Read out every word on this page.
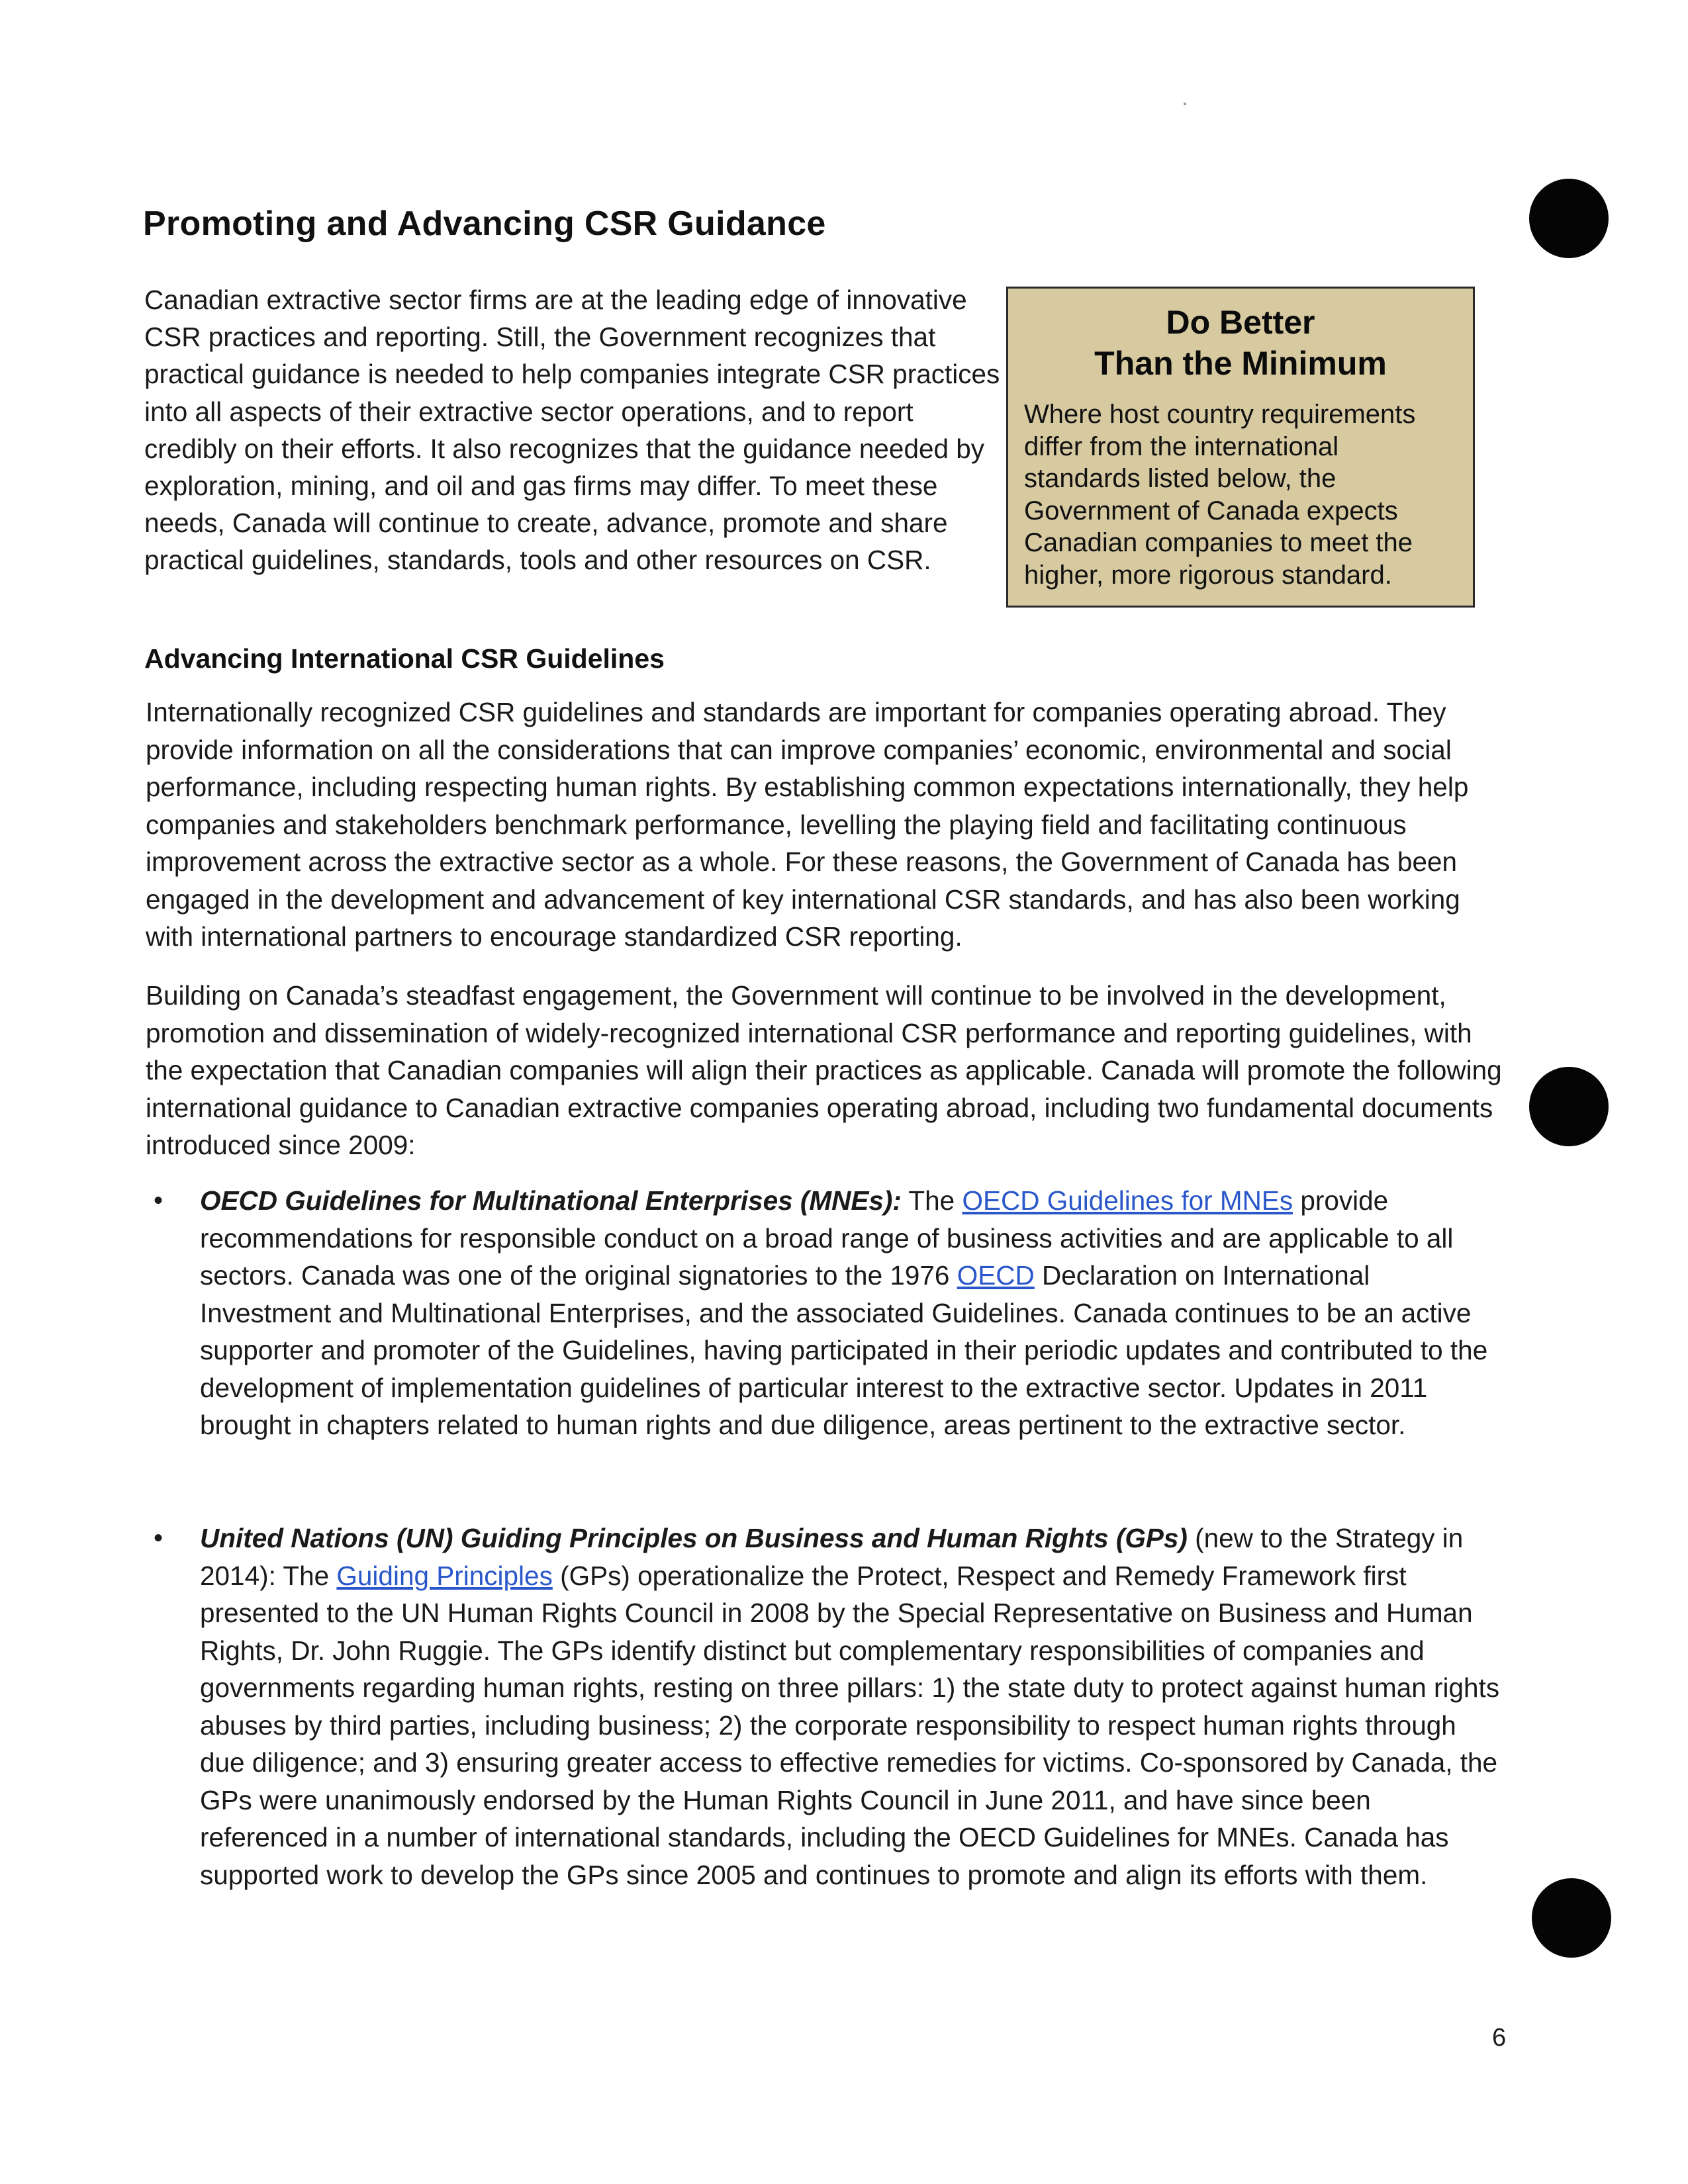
Promoting and Advancing CSR Guidance

Canadian extractive sector firms are at the leading edge of innovative CSR practices and reporting. Still, the Government recognizes that practical guidance is needed to help companies integrate CSR practices into all aspects of their extractive sector operations, and to report credibly on their efforts. It also recognizes that the guidance needed by exploration, mining, and oil and gas firms may differ. To meet these needs, Canada will continue to create, advance, promote and share practical guidelines, standards, tools and other resources on CSR.

Do Better
Than the Minimum

Where host country requirements differ from the international standards listed below, the Government of Canada expects Canadian companies to meet the higher, more rigorous standard.

Advancing International CSR Guidelines

Internationally recognized CSR guidelines and standards are important for companies operating abroad. They provide information on all the considerations that can improve companies’ economic, environmental and social performance, including respecting human rights. By establishing common expectations internationally, they help companies and stakeholders benchmark performance, levelling the playing field and facilitating continuous improvement across the extractive sector as a whole. For these reasons, the Government of Canada has been engaged in the development and advancement of key international CSR standards, and has also been working with international partners to encourage standardized CSR reporting.

Building on Canada’s steadfast engagement, the Government will continue to be involved in the development, promotion and dissemination of widely-recognized international CSR performance and reporting guidelines, with the expectation that Canadian companies will align their practices as applicable. Canada will promote the following international guidance to Canadian extractive companies operating abroad, including two fundamental documents introduced since 2009:

• OECD Guidelines for Multinational Enterprises (MNEs): The OECD Guidelines for MNEs provide recommendations for responsible conduct on a broad range of business activities and are applicable to all sectors. Canada was one of the original signatories to the 1976 OECD Declaration on International Investment and Multinational Enterprises, and the associated Guidelines. Canada continues to be an active supporter and promoter of the Guidelines, having participated in their periodic updates and contributed to the development of implementation guidelines of particular interest to the extractive sector. Updates in 2011 brought in chapters related to human rights and due diligence, areas pertinent to the extractive sector.

• United Nations (UN) Guiding Principles on Business and Human Rights (GPs) (new to the Strategy in 2014): The Guiding Principles (GPs) operationalize the Protect, Respect and Remedy Framework first presented to the UN Human Rights Council in 2008 by the Special Representative on Business and Human Rights, Dr. John Ruggie. The GPs identify distinct but complementary responsibilities of companies and governments regarding human rights, resting on three pillars: 1) the state duty to protect against human rights abuses by third parties, including business; 2) the corporate responsibility to respect human rights through due diligence; and 3) ensuring greater access to effective remedies for victims. Co-sponsored by Canada, the GPs were unanimously endorsed by the Human Rights Council in June 2011, and have since been referenced in a number of international standards, including the OECD Guidelines for MNEs. Canada has supported work to develop the GPs since 2005 and continues to promote and align its efforts with them.

6
